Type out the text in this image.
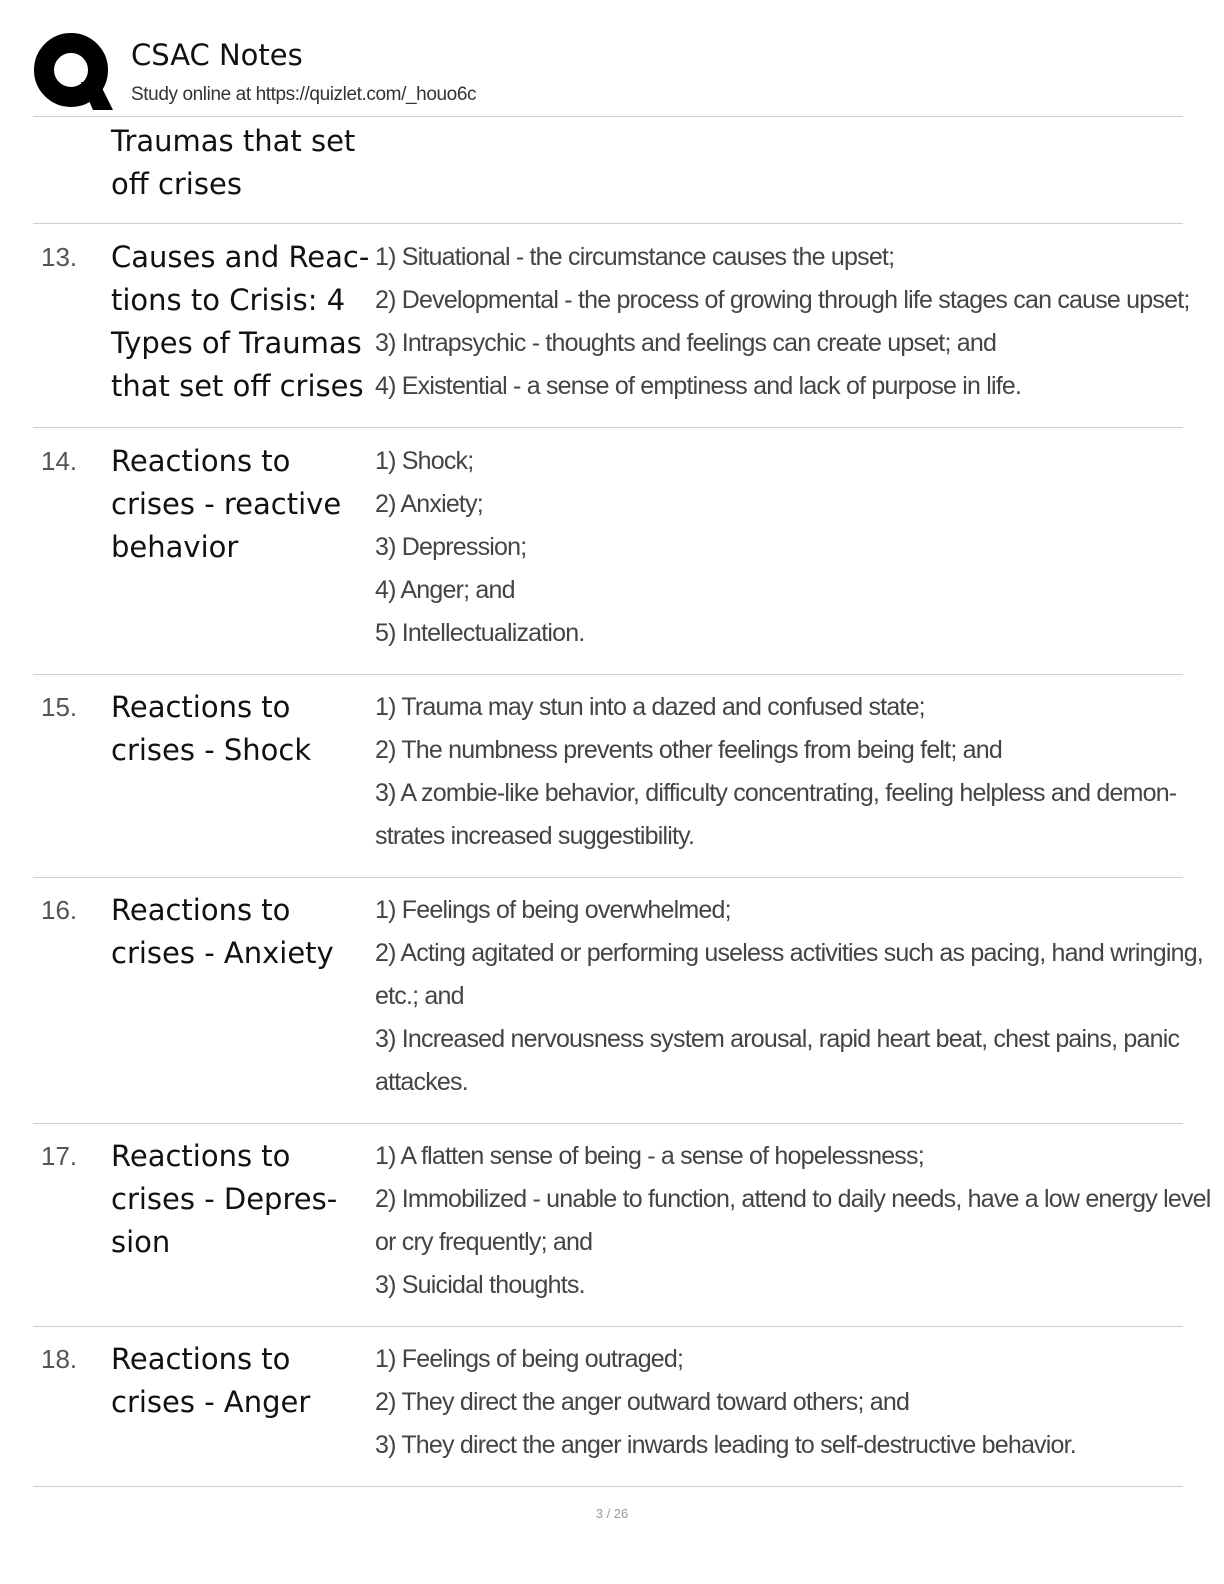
CSAC Notes
Study online at https://quizlet.com/_houo6c
Traumas that set
off crises
13. Causes and Reac-
tions to Crisis: 4
Types of Traumas
that set off crises
1) Situational - the circumstance causes the upset;
2) Developmental - the process of growing through life stages can cause upset;
3) Intrapsychic - thoughts and feelings can create upset; and
4) Existential - a sense of emptiness and lack of purpose in life.
14. Reactions to
crises - reactive
behavior
1) Shock;
2) Anxiety;
3) Depression;
4) Anger; and
5) Intellectualization.
15. Reactions to
crises - Shock
1) Trauma may stun into a dazed and confused state;
2) The numbness prevents other feelings from being felt; and
3) A zombie-like behavior, difficulty concentrating, feeling helpless and demon-
strates increased suggestibility.
16. Reactions to
crises - Anxiety
1) Feelings of being overwhelmed;
2) Acting agitated or performing useless activities such as pacing, hand wringing,
etc.; and
3) Increased nervousness system arousal, rapid heart beat, chest pains, panic
attackes.
17. Reactions to
crises - Depres-
sion
1) A flatten sense of being - a sense of hopelessness;
2) Immobilized - unable to function, attend to daily needs, have a low energy level
or cry frequently; and
3) Suicidal thoughts.
18. Reactions to
crises - Anger
1) Feelings of being outraged;
2) They direct the anger outward toward others; and
3) They direct the anger inwards leading to self-destructive behavior.
3 / 26
